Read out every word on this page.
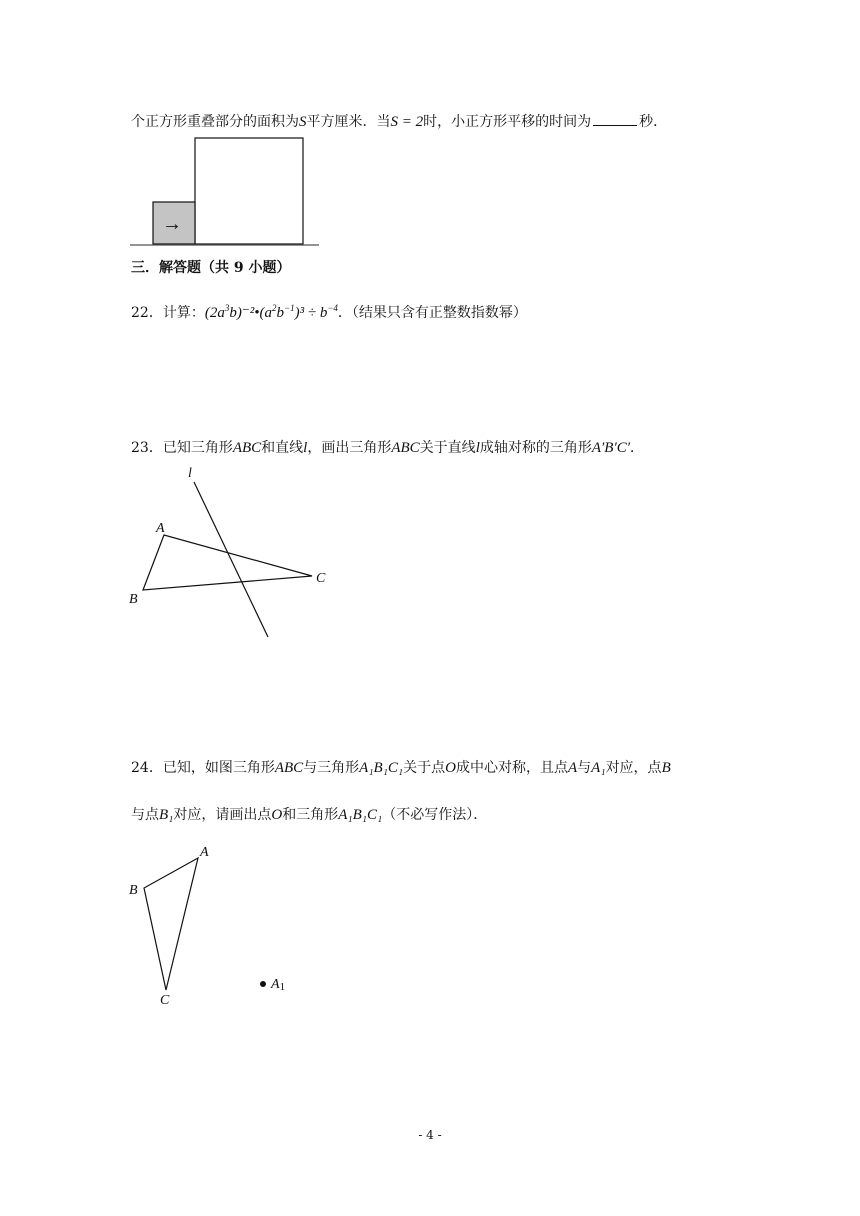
个正方形重叠部分的面积为S平方厘米．当S = 2时，小正方形平移的时间为	秒．
→
三．解答题（共 9 小题）
22．计算：$(2a^3b)^{-2}•(a^2b^{-1})^3 \div b^{-4}$．（结果只含有正整数指数幂）
23．已知三角形ABC和直线l，画出三角形ABC关于直线l成轴对称的三角形A′B′C′．
l
A
B
C
24．已知，如图三角形ABC与三角形A₁B₁C₁关于点O成中心对称，且点A与A₁对应，点B
与点B₁对应，请画出点O和三角形A₁B₁C₁（不必写作法）．
A
B
C
A1
- 4 -
